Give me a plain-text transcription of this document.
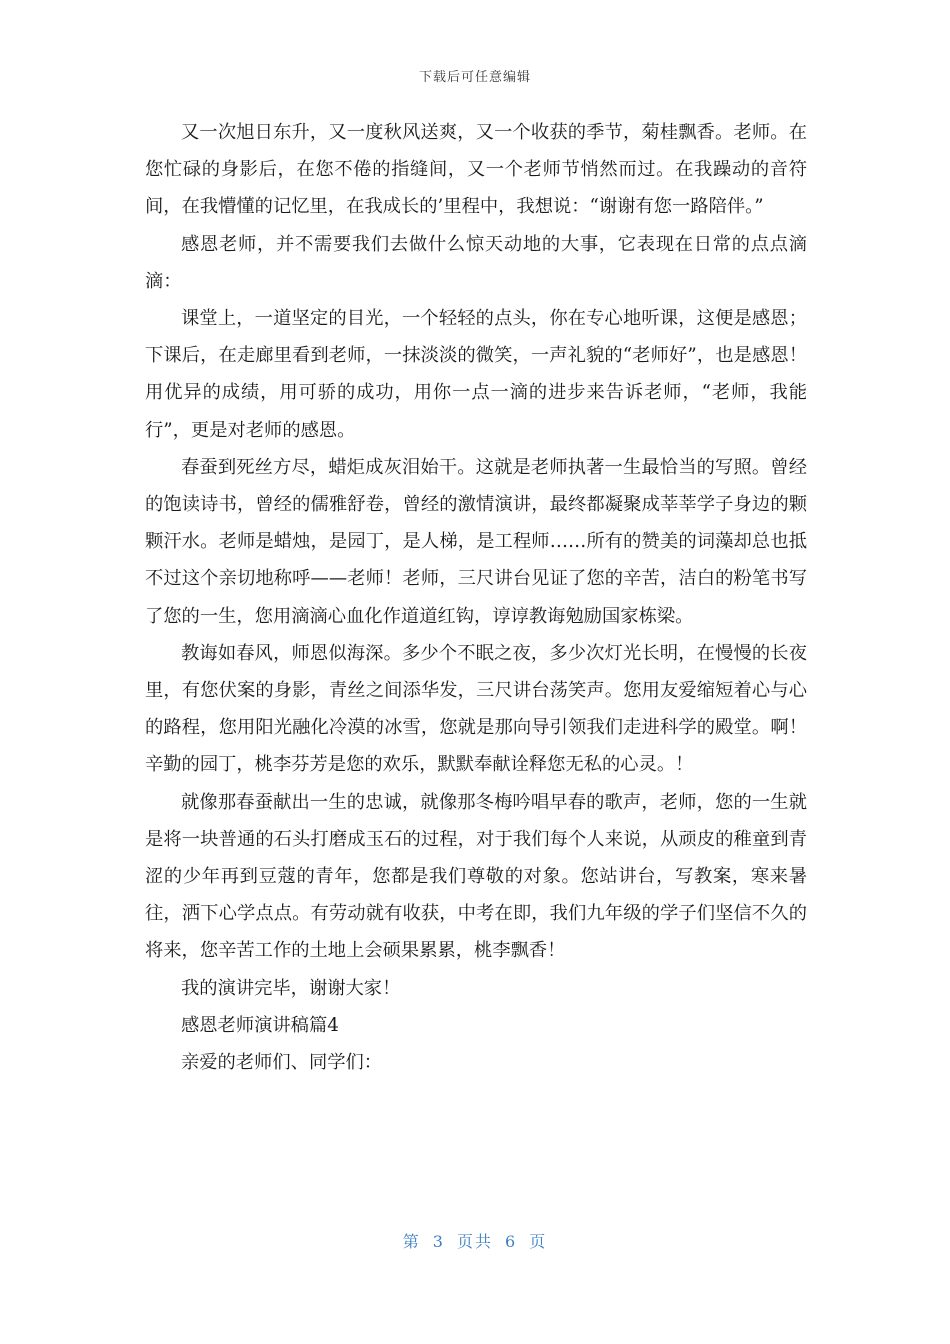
下载后可任意编辑

又一次旭日东升，又一度秋风送爽，又一个收获的季节，菊桂飘香。老师。在您忙碌的身影后，在您不倦的指缝间，又一个老师节悄然而过。在我躁动的音符间，在我懵懂的记忆里，在我成长的’里程中，我想说：“谢谢有您一路陪伴。”

感恩老师，并不需要我们去做什么惊天动地的大事，它表现在日常的点点滴滴：

课堂上，一道坚定的目光，一个轻轻的点头，你在专心地听课，这便是感恩；下课后，在走廊里看到老师，一抹淡淡的微笑，一声礼貌的“老师好”，也是感恩！用优异的成绩，用可骄的成功，用你一点一滴的进步来告诉老师，“老师，我能行”，更是对老师的感恩。

春蚕到死丝方尽，蜡炬成灰泪始干。这就是老师执著一生最恰当的写照。曾经的饱读诗书，曾经的儒雅舒卷，曾经的激情演讲，最终都凝聚成莘莘学子身边的颗颗汗水。老师是蜡烛，是园丁，是人梯，是工程师……所有的赞美的词藻却总也抵不过这个亲切地称呼——老师！老师，三尺讲台见证了您的辛苦，洁白的粉笔书写了您的一生，您用滴滴心血化作道道红钩，谆谆教诲勉励国家栋梁。

教诲如春风，师恩似海深。多少个不眠之夜，多少次灯光长明，在慢慢的长夜里，有您伏案的身影，青丝之间添华发，三尺讲台荡笑声。您用友爱缩短着心与心的路程，您用阳光融化冷漠的冰雪，您就是那向导引领我们走进科学的殿堂。啊！辛勤的园丁，桃李芬芳是您的欢乐，默默奉献诠释您无私的心灵。！

就像那春蚕献出一生的忠诚，就像那冬梅吟唱早春的歌声，老师，您的一生就是将一块普通的石头打磨成玉石的过程，对于我们每个人来说，从顽皮的稚童到青涩的少年再到豆蔻的青年，您都是我们尊敬的对象。您站讲台，写教案，寒来暑往，洒下心学点点。有劳动就有收获，中考在即，我们九年级的学子们坚信不久的将来，您辛苦工作的土地上会硕果累累，桃李飘香！

我的演讲完毕，谢谢大家！

感恩老师演讲稿篇4

亲爱的老师们、同学们：

第 3 页共 6 页
